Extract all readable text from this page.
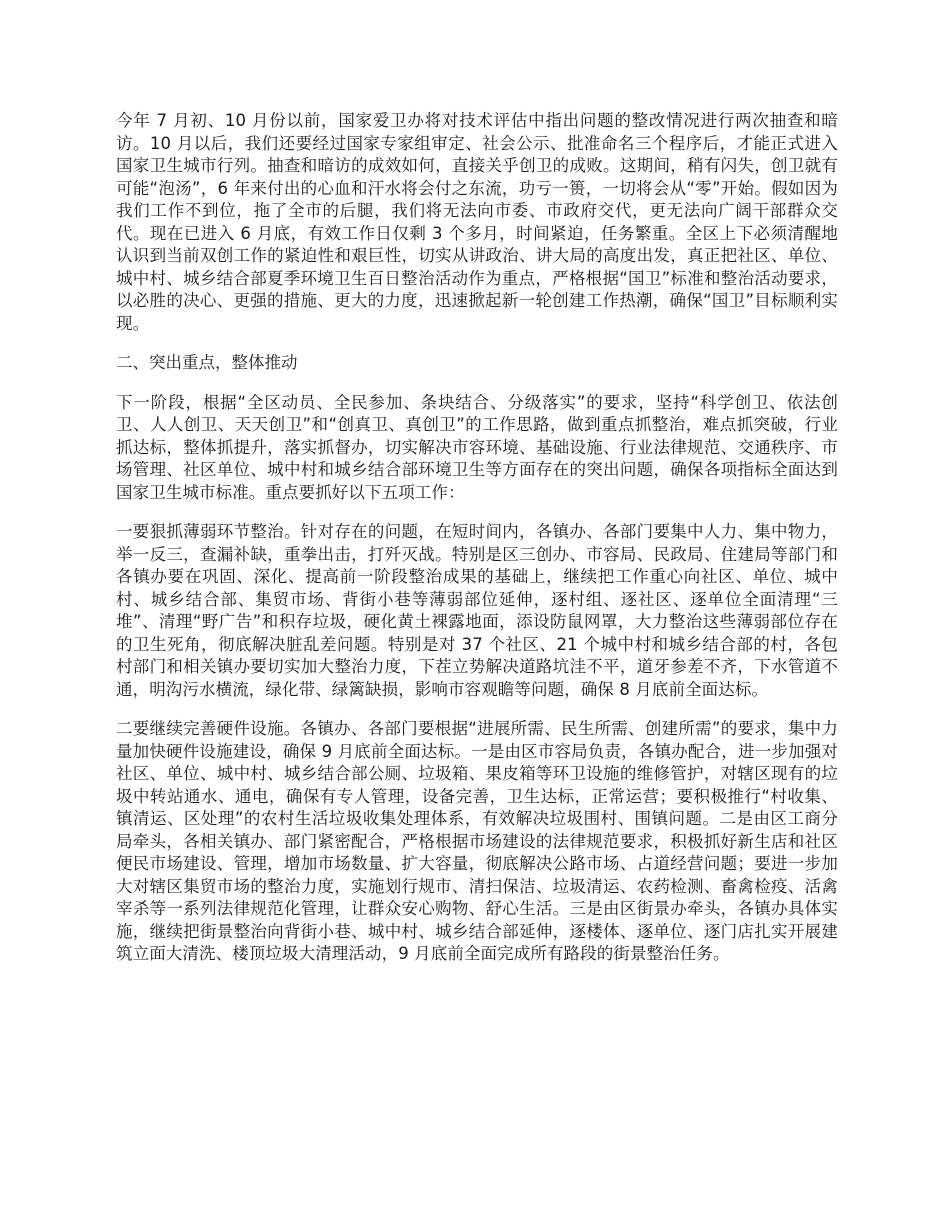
今年 7 月初、10 月份以前，国家爱卫办将对技术评估中指出问题的整改情况进行两次抽查和暗访。10 月以后，我们还要经过国家专家组审定、社会公示、批准命名三个程序后，才能正式进入国家卫生城市行列。抽查和暗访的成效如何，直接关乎创卫的成败。这期间，稍有闪失，创卫就有可能“泡汤”，6 年来付出的心血和汗水将会付之东流，功亏一篑，一切将会从“零”开始。假如因为我们工作不到位，拖了全市的后腿，我们将无法向市委、市政府交代，更无法向广阔干部群众交代。现在已进入 6 月底，有效工作日仅剩 3 个多月，时间紧迫，任务繁重。全区上下必须清醒地认识到当前双创工作的紧迫性和艰巨性，切实从讲政治、讲大局的高度出发，真正把社区、单位、城中村、城乡结合部夏季环境卫生百日整治活动作为重点，严格根据“国卫”标准和整治活动要求，以必胜的决心、更强的措施、更大的力度，迅速掀起新一轮创建工作热潮，确保“国卫”目标顺利实现。

二、突出重点，整体推动

下一阶段，根据“全区动员、全民参加、条块结合、分级落实”的要求，坚持“科学创卫、依法创卫、人人创卫、天天创卫”和“创真卫、真创卫”的工作思路，做到重点抓整治，难点抓突破，行业抓达标，整体抓提升，落实抓督办，切实解决市容环境、基础设施、行业法律规范、交通秩序、市场管理、社区单位、城中村和城乡结合部环境卫生等方面存在的突出问题，确保各项指标全面达到国家卫生城市标准。重点要抓好以下五项工作：

一要狠抓薄弱环节整治。针对存在的问题，在短时间内，各镇办、各部门要集中人力、集中物力，举一反三，查漏补缺，重拳出击，打歼灭战。特别是区三创办、市容局、民政局、住建局等部门和各镇办要在巩固、深化、提高前一阶段整治成果的基础上，继续把工作重心向社区、单位、城中村、城乡结合部、集贸市场、背街小巷等薄弱部位延伸，逐村组、逐社区、逐单位全面清理“三堆”、清理“野广告”和积存垃圾，硬化黄土裸露地面，添设防鼠网罩，大力整治这些薄弱部位存在的卫生死角，彻底解决脏乱差问题。特别是对 37 个社区、21 个城中村和城乡结合部的村，各包村部门和相关镇办要切实加大整治力度，下茬立势解决道路坑洼不平，道牙参差不齐，下水管道不通，明沟污水横流，绿化带、绿篱缺损，影响市容观瞻等问题，确保 8 月底前全面达标。

二要继续完善硬件设施。各镇办、各部门要根据“进展所需、民生所需、创建所需”的要求，集中力量加快硬件设施建设，确保 9 月底前全面达标。一是由区市容局负责，各镇办配合，进一步加强对社区、单位、城中村、城乡结合部公厕、垃圾箱、果皮箱等环卫设施的维修管护，对辖区现有的垃圾中转站通水、通电，确保有专人管理，设备完善，卫生达标，正常运营；要积极推行“村收集、镇清运、区处理”的农村生活垃圾收集处理体系，有效解决垃圾围村、围镇问题。二是由区工商分局牵头，各相关镇办、部门紧密配合，严格根据市场建设的法律规范要求，积极抓好新生店和社区便民市场建设、管理，增加市场数量、扩大容量，彻底解决公路市场、占道经营问题；要进一步加大对辖区集贸市场的整治力度，实施划行规市、清扫保洁、垃圾清运、农药检测、畜禽检疫、活禽宰杀等一系列法律规范化管理，让群众安心购物、舒心生活。三是由区街景办牵头，各镇办具体实施，继续把街景整治向背街小巷、城中村、城乡结合部延伸，逐楼体、逐单位、逐门店扎实开展建筑立面大清洗、楼顶垃圾大清理活动，9 月底前全面完成所有路段的街景整治任务。
